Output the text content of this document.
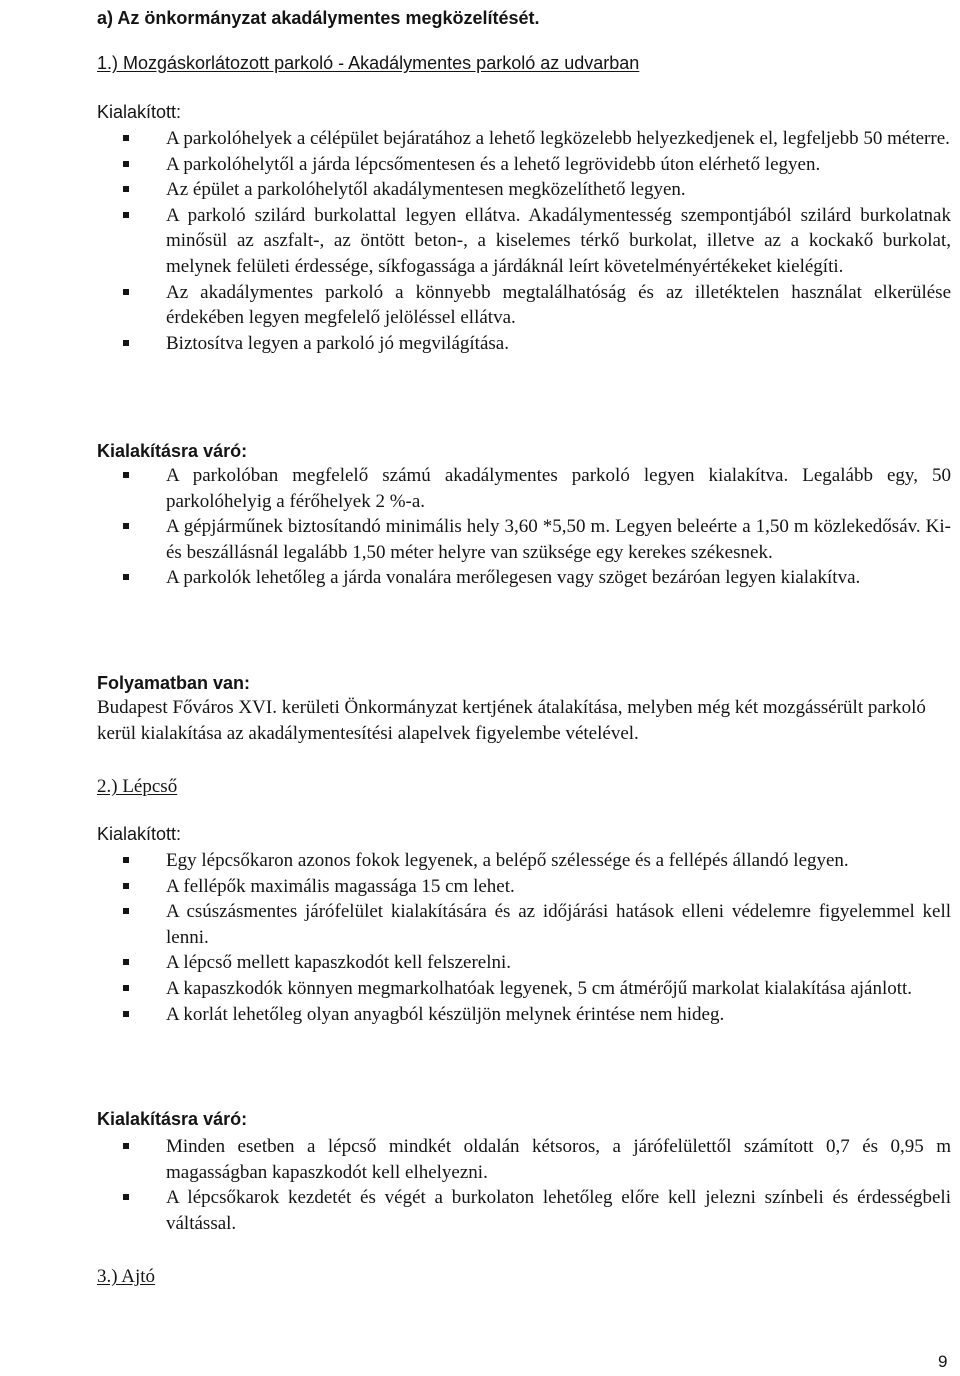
a) Az önkormányzat akadálymentes megközelítését.

1.) Mozgáskorlátozott parkoló - Akadálymentes parkoló az udvarban

Kialakított:

A parkolóhelyek a célépület bejáratához a lehető legközelebb helyezkedjenek el, legfeljebb 50 méterre.
A parkolóhelytől a járda lépcsőmentesen és a lehető legrövidebb úton elérhető legyen.
Az épület a parkolóhelytől akadálymentesen megközelíthető legyen.
A parkoló szilárd burkolattal legyen ellátva. Akadálymentesség szempontjából szilárd burkolatnak minősül az aszfalt-, az öntött beton-, a kiselemes térkő burkolat, illetve az a kockakő burkolat, melynek felületi érdessége, síkfogassága a járdáknál leírt követelményértékeket kielégíti.
Az akadálymentes parkoló a könnyebb megtalálhatóság és az illetéktelen használat elkerülése érdekében legyen megfelelő jelöléssel ellátva.
Biztosítva legyen a parkoló jó megvilágítása.

Kialakításra váró:

A parkolóban megfelelő számú akadálymentes parkoló legyen kialakítva. Legalább egy, 50 parkolóhelyig a férőhelyek 2 %-a.
A gépjárműnek biztosítandó minimális hely 3,60 *5,50 m. Legyen beleérte a 1,50 m közlekedősáv. Ki- és beszállásnál legalább 1,50 méter helyre van szüksége egy kerekes székesnek.
A parkolók lehetőleg a járda vonalára merőlegesen vagy szöget bezáróan legyen kialakítva.

Folyamatban van:

Budapest Főváros XVI. kerületi Önkormányzat kertjének átalakítása, melyben még két mozgássérült parkoló kerül kialakítása az akadálymentesítési alapelvek figyelembe vételével.

2.) Lépcső

Kialakított:

Egy lépcsőkaron azonos fokok legyenek, a belépő szélessége és a fellépés állandó legyen.
A fellépők maximális magassága 15 cm lehet.
A csúszásmentes járófelület kialakítására és az időjárási hatások elleni védelemre figyelemmel kell lenni.
A lépcső mellett kapaszkodót kell felszerelni.
A kapaszkodók könnyen megmarkolhatóak legyenek, 5 cm átmérőjű markolat kialakítása ajánlott.
A korlát lehetőleg olyan anyagból készüljön melynek érintése nem hideg.

Kialakításra váró:

Minden esetben a lépcső mindkét oldalán kétsoros, a járófelülettől számított 0,7 és 0,95 m magasságban kapaszkodót kell elhelyezni.
A lépcsőkarok kezdetét és végét a burkolaton lehetőleg előre kell jelezni színbeli és érdességbeli váltással.

3.) Ajtó

9
